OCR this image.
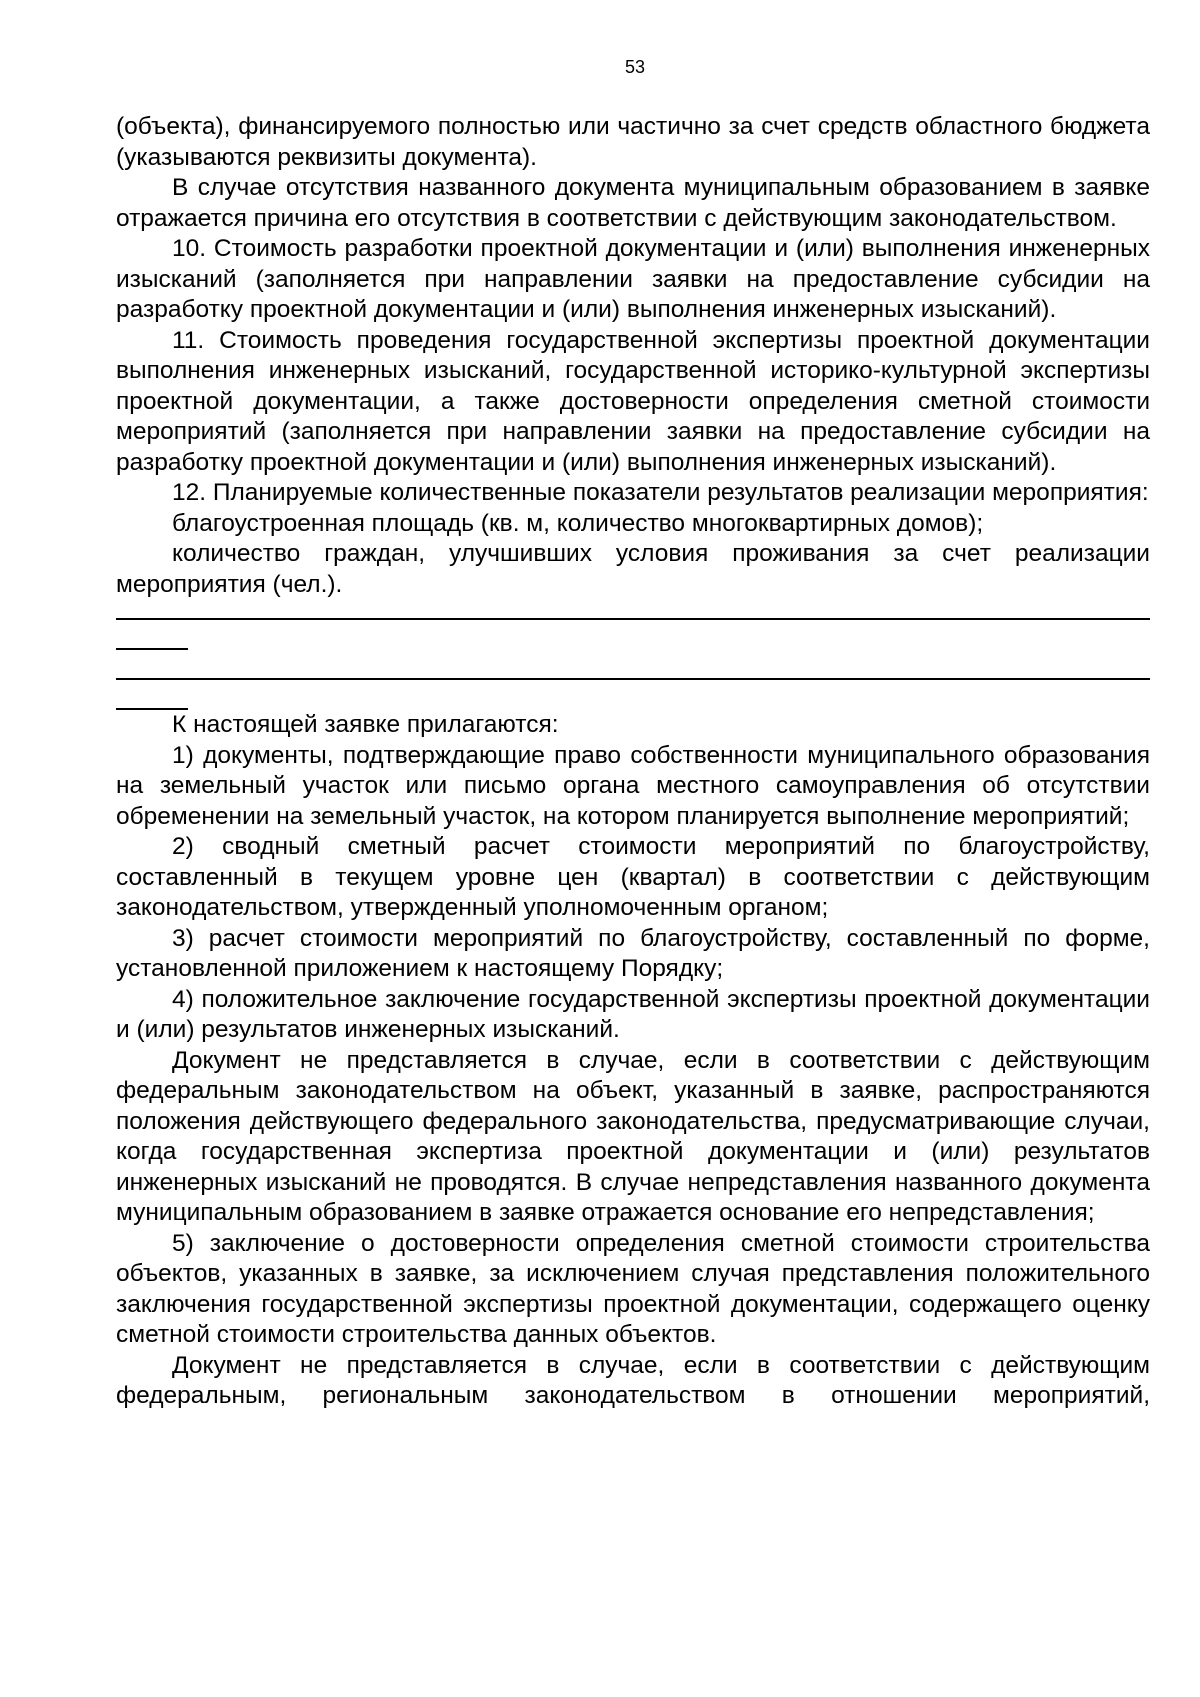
53

(объекта), финансируемого полностью или частично за счет средств областного бюджета (указываются реквизиты документа).

В случае отсутствия названного документа муниципальным образованием в заявке отражается причина его отсутствия в соответствии с действующим законодательством.

10. Стоимость разработки проектной документации и (или) выполнения инженерных изысканий (заполняется при направлении заявки на предоставление субсидии на разработку проектной документации и (или) выполнения инженерных изысканий).

11. Стоимость проведения государственной экспертизы проектной документации выполнения инженерных изысканий, государственной историко-культурной экспертизы проектной документации, а также достоверности определения сметной стоимости мероприятий (заполняется при направлении заявки на предоставление субсидии на разработку проектной документации и (или) выполнения инженерных изысканий).

12. Планируемые количественные показатели результатов реализации мероприятия:

благоустроенная площадь (кв. м, количество многоквартирных домов);

количество граждан, улучшивших условия проживания за счет реализации мероприятия (чел.).

К настоящей заявке прилагаются:

1) документы, подтверждающие право собственности муниципального образования на земельный участок или письмо органа местного самоуправления об отсутствии обременении на земельный участок, на котором планируется выполнение мероприятий;

2) сводный сметный расчет стоимости мероприятий по благоустройству, составленный в текущем уровне цен (квартал) в соответствии с действующим законодательством, утвержденный уполномоченным органом;

3) расчет стоимости мероприятий по благоустройству, составленный по форме, установленной приложением к настоящему Порядку;

4) положительное заключение государственной экспертизы проектной документации и (или) результатов инженерных изысканий.

Документ не представляется в случае, если в соответствии с действующим федеральным законодательством на объект, указанный в заявке, распространяются положения действующего федерального законодательства, предусматривающие случаи, когда государственная экспертиза проектной документации и (или) результатов инженерных изысканий не проводятся. В случае непредставления названного документа муниципальным образованием в заявке отражается основание его непредставления;

5) заключение о достоверности определения сметной стоимости строительства объектов, указанных в заявке, за исключением случая представления положительного заключения государственной экспертизы проектной документации, содержащего оценку сметной стоимости строительства данных объектов.

Документ не представляется в случае, если в соответствии с действующим федеральным, региональным законодательством в отношении мероприятий,
